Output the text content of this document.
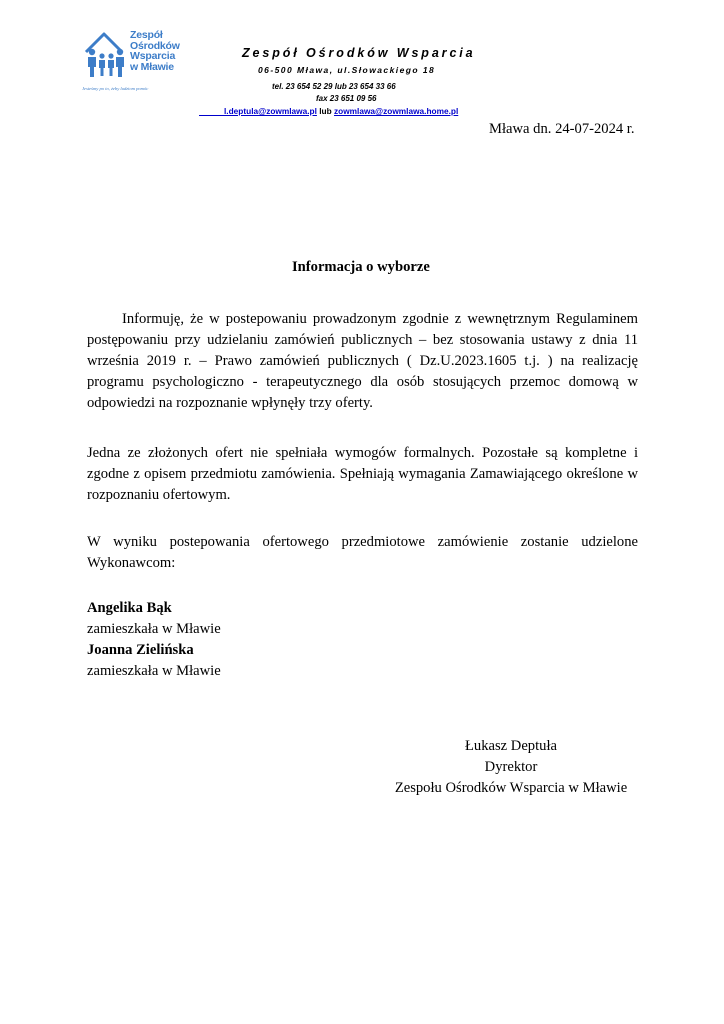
Zespół
Ośrodków
Wsparcia
w Mławie
Jesteśmy po to, żeby ludziom pomóc
Zespół Ośrodków Wsparcia
06-500 Mława, ul.Słowackiego 18
tel. 23 654 52 29 lub 23 654 33 66
fax 23 651 09 56
l.deptula@zowmlawa.pl lub zowmlawa@zowmlawa.home.pl
Mława dn. 24-07-2024 r.
Informacja o wyborze
Informuję, że w postepowaniu prowadzonym zgodnie z wewnętrznym Regulaminem postępowaniu przy udzielaniu zamówień publicznych – bez stosowania ustawy z dnia 11 września 2019 r. – Prawo zamówień publicznych ( Dz.U.2023.1605 t.j. ) na realizację programu psychologiczno - terapeutycznego dla osób stosujących przemoc domową w odpowiedzi na rozpoznanie wpłynęły trzy oferty.
Jedna ze złożonych ofert nie spełniała wymogów formalnych. Pozostałe są kompletne i zgodne z opisem przedmiotu zamówienia. Spełniają wymagania Zamawiającego określone w rozpoznaniu ofertowym.
W wyniku postepowania ofertowego przedmiotowe zamówienie zostanie udzielone Wykonawcom:
Angelika Bąk
zamieszkała w Mławie
Joanna Zielińska
zamieszkała w Mławie
Łukasz Deptuła
Dyrektor
Zespołu Ośrodków Wsparcia w Mławie
